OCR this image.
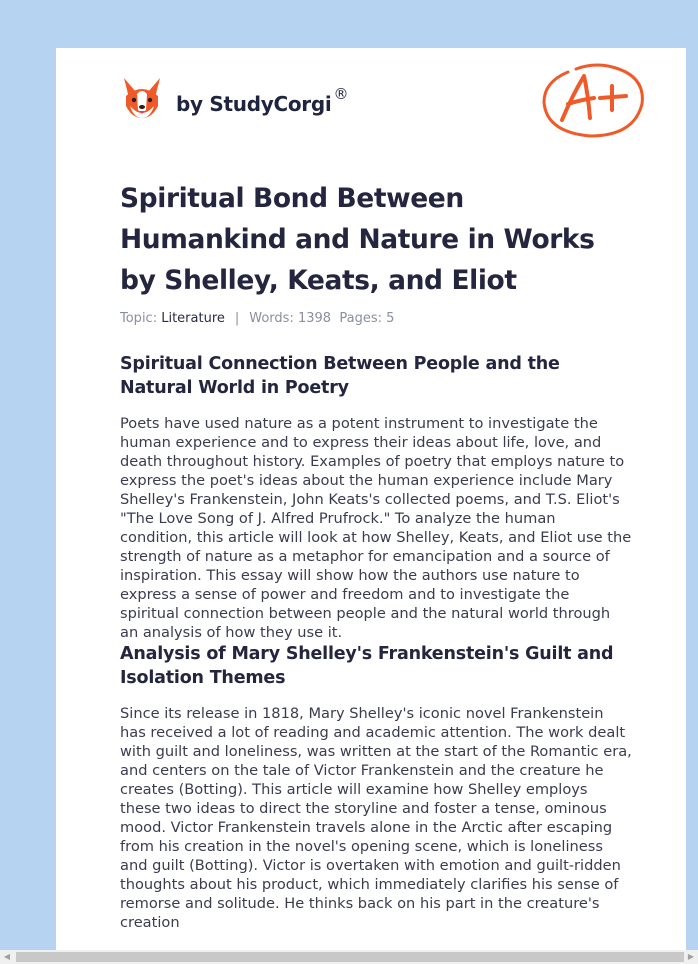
by StudyCorgi ®
Spiritual Bond Between Humankind and Nature in Works by Shelley, Keats, and Eliot
Topic: Literature | Words: 1398 Pages: 5
Spiritual Connection Between People and the Natural World in Poetry

Poets have used nature as a potent instrument to investigate the human experience and to express their ideas about life, love, and death throughout history. Examples of poetry that employs nature to express the poet's ideas about the human experience include Mary Shelley's Frankenstein, John Keats's collected poems, and T.S. Eliot's "The Love Song of J. Alfred Prufrock." To analyze the human condition, this article will look at how Shelley, Keats, and Eliot use the strength of nature as a metaphor for emancipation and a source of inspiration. This essay will show how the authors use nature to express a sense of power and freedom and to investigate the spiritual connection between people and the natural world through an analysis of how they use it.

Analysis of Mary Shelley's Frankenstein's Guilt and Isolation Themes

Since its release in 1818, Mary Shelley's iconic novel Frankenstein has received a lot of reading and academic attention. The work dealt with guilt and loneliness, was written at the start of the Romantic era, and centers on the tale of Victor Frankenstein and the creature he creates (Botting). This article will examine how Shelley employs these two ideas to direct the storyline and foster a tense, ominous mood. Victor Frankenstein travels alone in the Arctic after escaping from his creation in the novel's opening scene, which is loneliness and guilt (Botting). Victor is overtaken with emotion and guilt-ridden thoughts about his product, which immediately clarifies his sense of remorse and solitude. He thinks back on his part in the creature's creation

◀	▶
